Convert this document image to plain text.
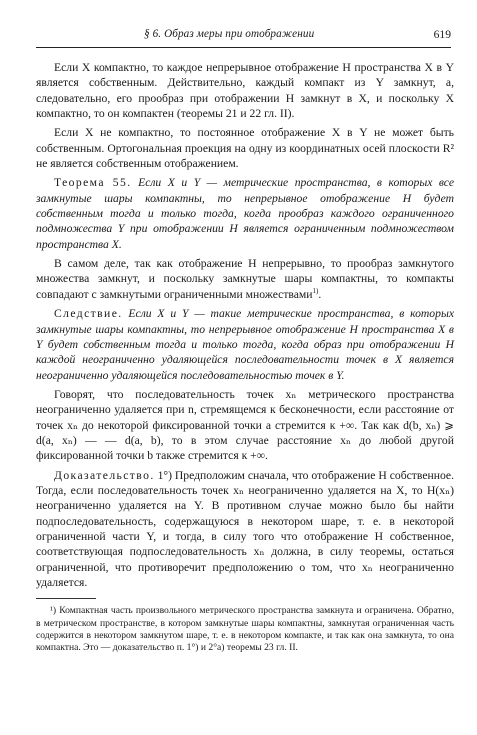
§ 6. Образ меры при отображении	619

Если X компактно, то каждое непрерывное отображение H пространства X в Y является собственным. Действительно, каждый компакт из Y замкнут, а, следовательно, его прообраз при отображении H замкнут в X, и поскольку X компактно, то он компактен (теоремы 21 и 22 гл. II).

Если X не компактно, то постоянное отображение X в Y не может быть собственным. Ортогональная проекция на одну из координатных осей плоскости R² не является собственным отображением.

Теорема 55. Если X и Y — метрические пространства, в которых все замкнутые шары компактны, то непрерывное отображение H будет собственным тогда и только тогда, когда прообраз каждого ограниченного подмножества Y при отображении H является ограниченным подмножеством пространства X.

В самом деле, так как отображение H непрерывно, то прообраз замкнутого множества замкнут, и поскольку замкнутые шары компактны, то компакты совпадают с замкнутыми ограниченными множествами$^{1)}$.

Следствие. Если X и Y — такие метрические пространства, в которых замкнутые шары компактны, то непрерывное отображение H пространства X в Y будет собственным тогда и только тогда, когда образ при отображении H каждой неограниченно удаляющейся последовательности точек в X является неограниченно удаляющейся последовательностью точек в Y.

Говорят, что последовательность точек xₙ метрического пространства неограниченно удаляется при n, стремящемся к бесконечности, если расстояние от точек xₙ до некоторой фиксированной точки a стремится к +∞. Так как d(b, xₙ) ⩾ d(a, xₙ) — — d(a, b), то в этом случае расстояние xₙ до любой другой фиксированной точки b также стремится к +∞.

Доказательство. 1°) Предположим сначала, что отображение H собственное. Тогда, если последовательность точек xₙ неограниченно удаляется на X, то H(xₙ) неограниченно удаляется на Y. В противном случае можно было бы найти подпоследовательность, содержащуюся в некотором шаре, т. е. в некоторой ограниченной части Y, и тогда, в силу того что отображение H собственное, соответствующая подпоследовательность xₙ должна, в силу теоремы, остаться ограниченной, что противоречит предположению о том, что xₙ неограниченно удаляется.

¹) Компактная часть произвольного метрического пространства замкнута и ограничена. Обратно, в метрическом пространстве, в котором замкнутые шары компактны, замкнутая ограниченная часть содержится в некотором замкнутом шаре, т. е. в некотором компакте, и так как она замкнута, то она компактна. Это — доказательство п. 1°) и 2°а) теоремы 23 гл. II.
